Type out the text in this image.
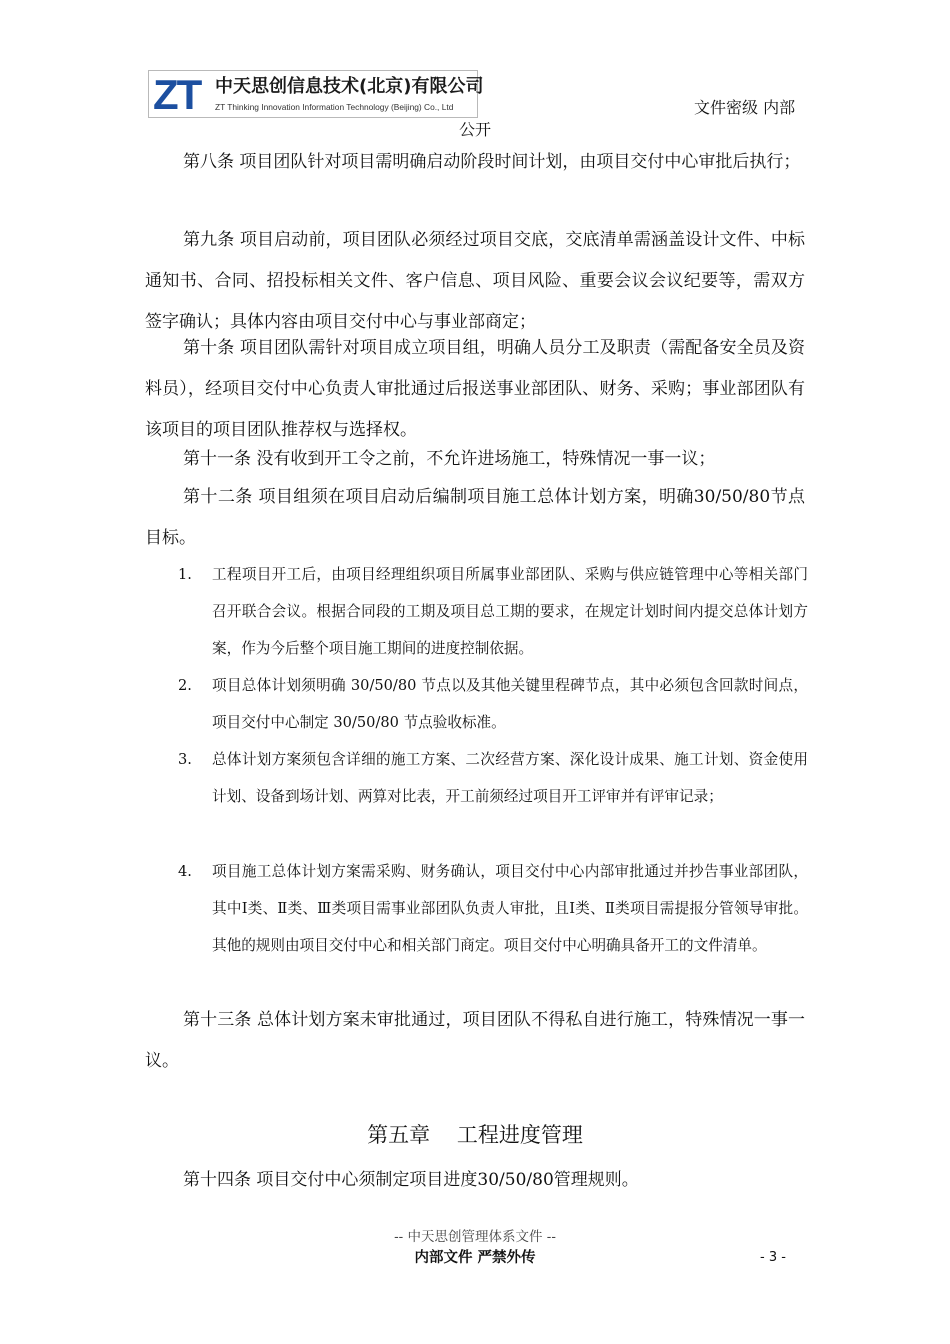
ZT 中天思创信息技术(北京)有限公司
ZT Thinking Innovation Information Technology (Beijing) Co., Ltd	文件密级 内部
公开

第八条 项目团队针对项目需明确启动阶段时间计划，由项目交付中心审批后执行；

第九条 项目启动前，项目团队必须经过项目交底，交底清单需涵盖设计文件、中标通知书、合同、招投标相关文件、客户信息、项目风险、重要会议会议纪要等，需双方签字确认；具体内容由项目交付中心与事业部商定；

第十条 项目团队需针对项目成立项目组，明确人员分工及职责（需配备安全员及资料员），经项目交付中心负责人审批通过后报送事业部团队、财务、采购；事业部团队有该项目的项目团队推荐权与选择权。

第十一条 没有收到开工令之前，不允许进场施工，特殊情况一事一议；

第十二条 项目组须在项目启动后编制项目施工总体计划方案，明确30/50/80节点目标。

1.	工程项目开工后，由项目经理组织项目所属事业部团队、采购与供应链管理中心等相关部门召开联合会议。根据合同段的工期及项目总工期的要求，在规定计划时间内提交总体计划方案，作为今后整个项目施工期间的进度控制依据。
2.	项目总体计划须明确 30/50/80 节点以及其他关键里程碑节点，其中必须包含回款时间点，项目交付中心制定 30/50/80 节点验收标准。
3.	总体计划方案须包含详细的施工方案、二次经营方案、深化设计成果、施工计划、资金使用计划、设备到场计划、两算对比表，开工前须经过项目开工评审并有评审记录；
4.	项目施工总体计划方案需采购、财务确认，项目交付中心内部审批通过并抄告事业部团队，其中Ⅰ类、Ⅱ类、Ⅲ类项目需事业部团队负责人审批，且Ⅰ类、Ⅱ类项目需提报分管领导审批。其他的规则由项目交付中心和相关部门商定。项目交付中心明确具备开工的文件清单。

第十三条 总体计划方案未审批通过，项目团队不得私自进行施工，特殊情况一事一议。

第五章    工程进度管理

第十四条 项目交付中心须制定项目进度30/50/80管理规则。

-- 中天思创管理体系文件 --
内部文件 严禁外传	- 3 -
